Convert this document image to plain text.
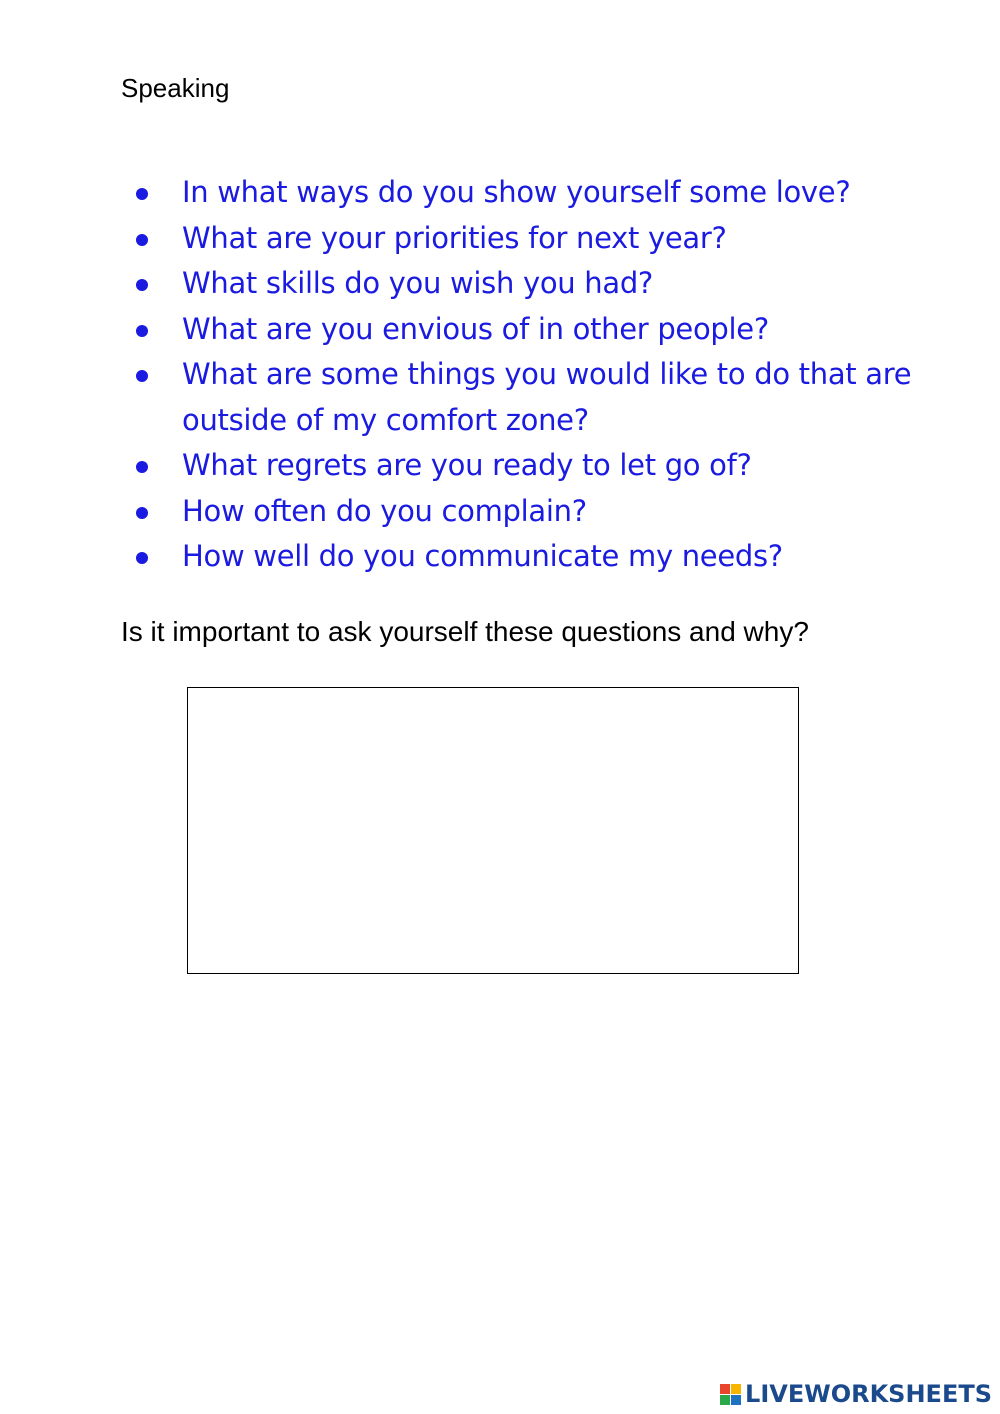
Speaking
In what ways do you show yourself some love?
What are your priorities for next year?
What skills do you wish you had?
What are you envious of in other people?
What are some things you would like to do that are outside of my comfort zone?
What regrets are you ready to let go of?
How often do you complain?
How well do you communicate my needs?

Is it important to ask yourself these questions and why?

LIVEWORKSHEETS
